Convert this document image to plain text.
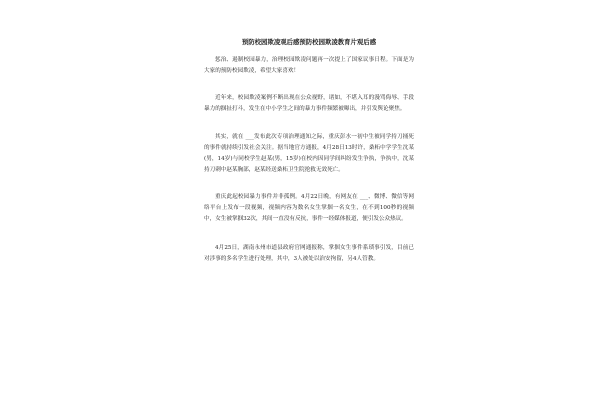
预防校园欺凌观后感预防校园欺凌教育片观后感

惩治、遏制校园暴力，治理校园欺凌问题再一次提上了国家议事日程。下面是为大家的预防校园欺凌，希望大家喜欢！

近年来，校园欺凌案例不断出现在公众视野，诸如，不堪入耳的漫骂侮辱、手段暴力的掴扯打斗，发生在中小学生之间的暴力事件频繁被曝出，并引发舆论聚焦。

其实，就在 ___发布此次专项治理通知之际，重庆彭水一初中生被同学持刀捅死的事件就持续引发社会关注。据当地官方通报，4月28日13时许，桑柘中学学生沈某(男，14岁)与同校学生赵某(男，15岁)在校内因同学间纠纷发生争执，争执中，沈某持刀刺中赵某胸部，赵某经送桑柘卫生院抢救无效死亡。

重庆此起校园暴力事件并非孤例。4月22日晚，有网友在 ___、微博、微信等网络平台上发布一段视频，视频内容为数名女生掌掴一名女生，在不到100秒的视频中，女生被掌掴32次，其间一直没有反抗，事件一经媒体报道，便引发公众热议。

4月25日，湖南永州市道县政府官网通报称，掌掴女生事件系琐事引发，目前已对涉事的多名学生进行处理，其中，3人被处以治安拘留，另4人管教。
